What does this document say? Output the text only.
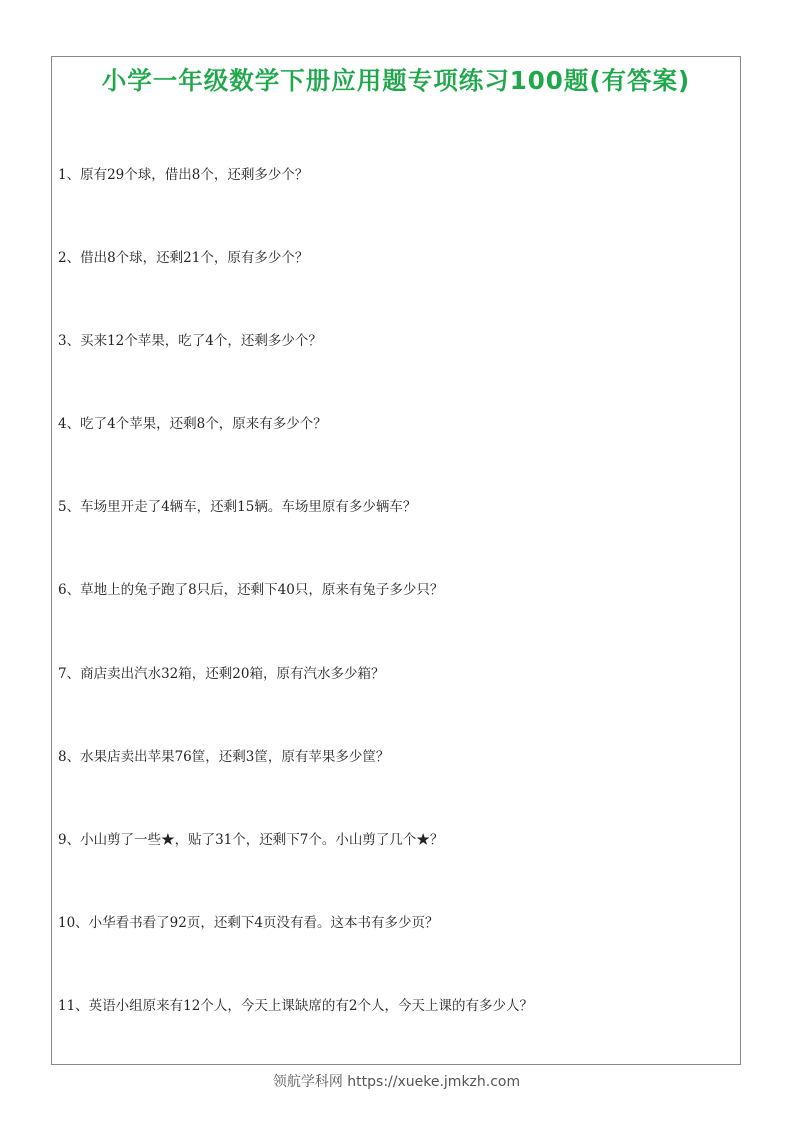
小学一年级数学下册应用题专项练习100题(有答案)
1、原有29个球，借出8个，还剩多少个？
2、借出8个球，还剩21个，原有多少个？
3、买来12个苹果，吃了4个，还剩多少个？
4、吃了4个苹果，还剩8个，原来有多少个？
5、车场里开走了4辆车，还剩15辆。车场里原有多少辆车？
6、草地上的兔子跑了8只后，还剩下40只，原来有兔子多少只？
7、商店卖出汽水32箱，还剩20箱，原有汽水多少箱？
8、水果店卖出苹果76筐，还剩3筐，原有苹果多少筐？
9、小山剪了一些★，贴了31个，还剩下7个。小山剪了几个★？
10、小华看书看了92页，还剩下4页没有看。这本书有多少页？
11、英语小组原来有12个人，今天上课缺席的有2个人，今天上课的有多少人？
领航学科网 https://xueke.jmkzh.com
